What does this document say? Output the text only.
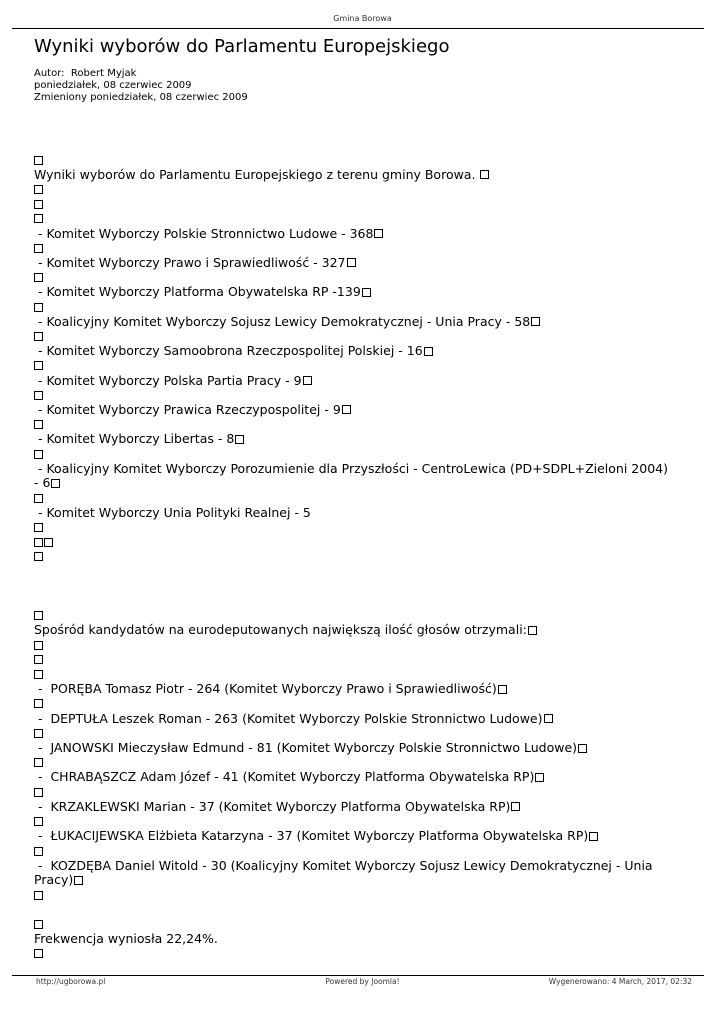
Gmina Borowa
Wyniki wyborów do Parlamentu Europejskiego
Autor: Robert Myjak
poniedziałek, 08 czerwiec 2009
Zmieniony poniedziałek, 08 czerwiec 2009
Wyniki wyborów do Parlamentu Europejskiego z terenu gminy Borowa.
- Komitet Wyborczy Polskie Stronnictwo Ludowe - 368
- Komitet Wyborczy Prawo i Sprawiedliwość - 327
- Komitet Wyborczy Platforma Obywatelska RP -139
- Koalicyjny Komitet Wyborczy Sojusz Lewicy Demokratycznej - Unia Pracy - 58
- Komitet Wyborczy Samoobrona Rzeczpospolitej Polskiej - 16
- Komitet Wyborczy Polska Partia Pracy - 9
- Komitet Wyborczy Prawica Rzeczypospolitej - 9
- Komitet Wyborczy Libertas - 8
- Koalicyjny Komitet Wyborczy Porozumienie dla Przyszłości - CentroLewica (PD+SDPL+Zieloni 2004) - 6
- Komitet Wyborczy Unia Polityki Realnej - 5
Spośród kandydatów na eurodeputowanych największą ilość głosów otrzymali:
-  PORĘBA Tomasz Piotr - 264 (Komitet Wyborczy Prawo i Sprawiedliwość)
-  DEPTUŁA Leszek Roman - 263 (Komitet Wyborczy Polskie Stronnictwo Ludowe)
-  JANOWSKI Mieczysław Edmund - 81 (Komitet Wyborczy Polskie Stronnictwo Ludowe)
-  CHRABĄSZCZ Adam Józef - 41 (Komitet Wyborczy Platforma Obywatelska RP)
-  KRZAKLEWSKI Marian - 37 (Komitet Wyborczy Platforma Obywatelska RP)
-  ŁUKACIJEWSKA Elżbieta Katarzyna - 37 (Komitet Wyborczy Platforma Obywatelska RP)
-  KOZDĘBA Daniel Witold - 30 (Koalicyjny Komitet Wyborczy Sojusz Lewicy Demokratycznej - Unia Pracy)
Frekwencja wyniosła 22,24%.
http://ugborowa.pl	Powered by Joomla!	Wygenerowano: 4 March, 2017, 02:32
